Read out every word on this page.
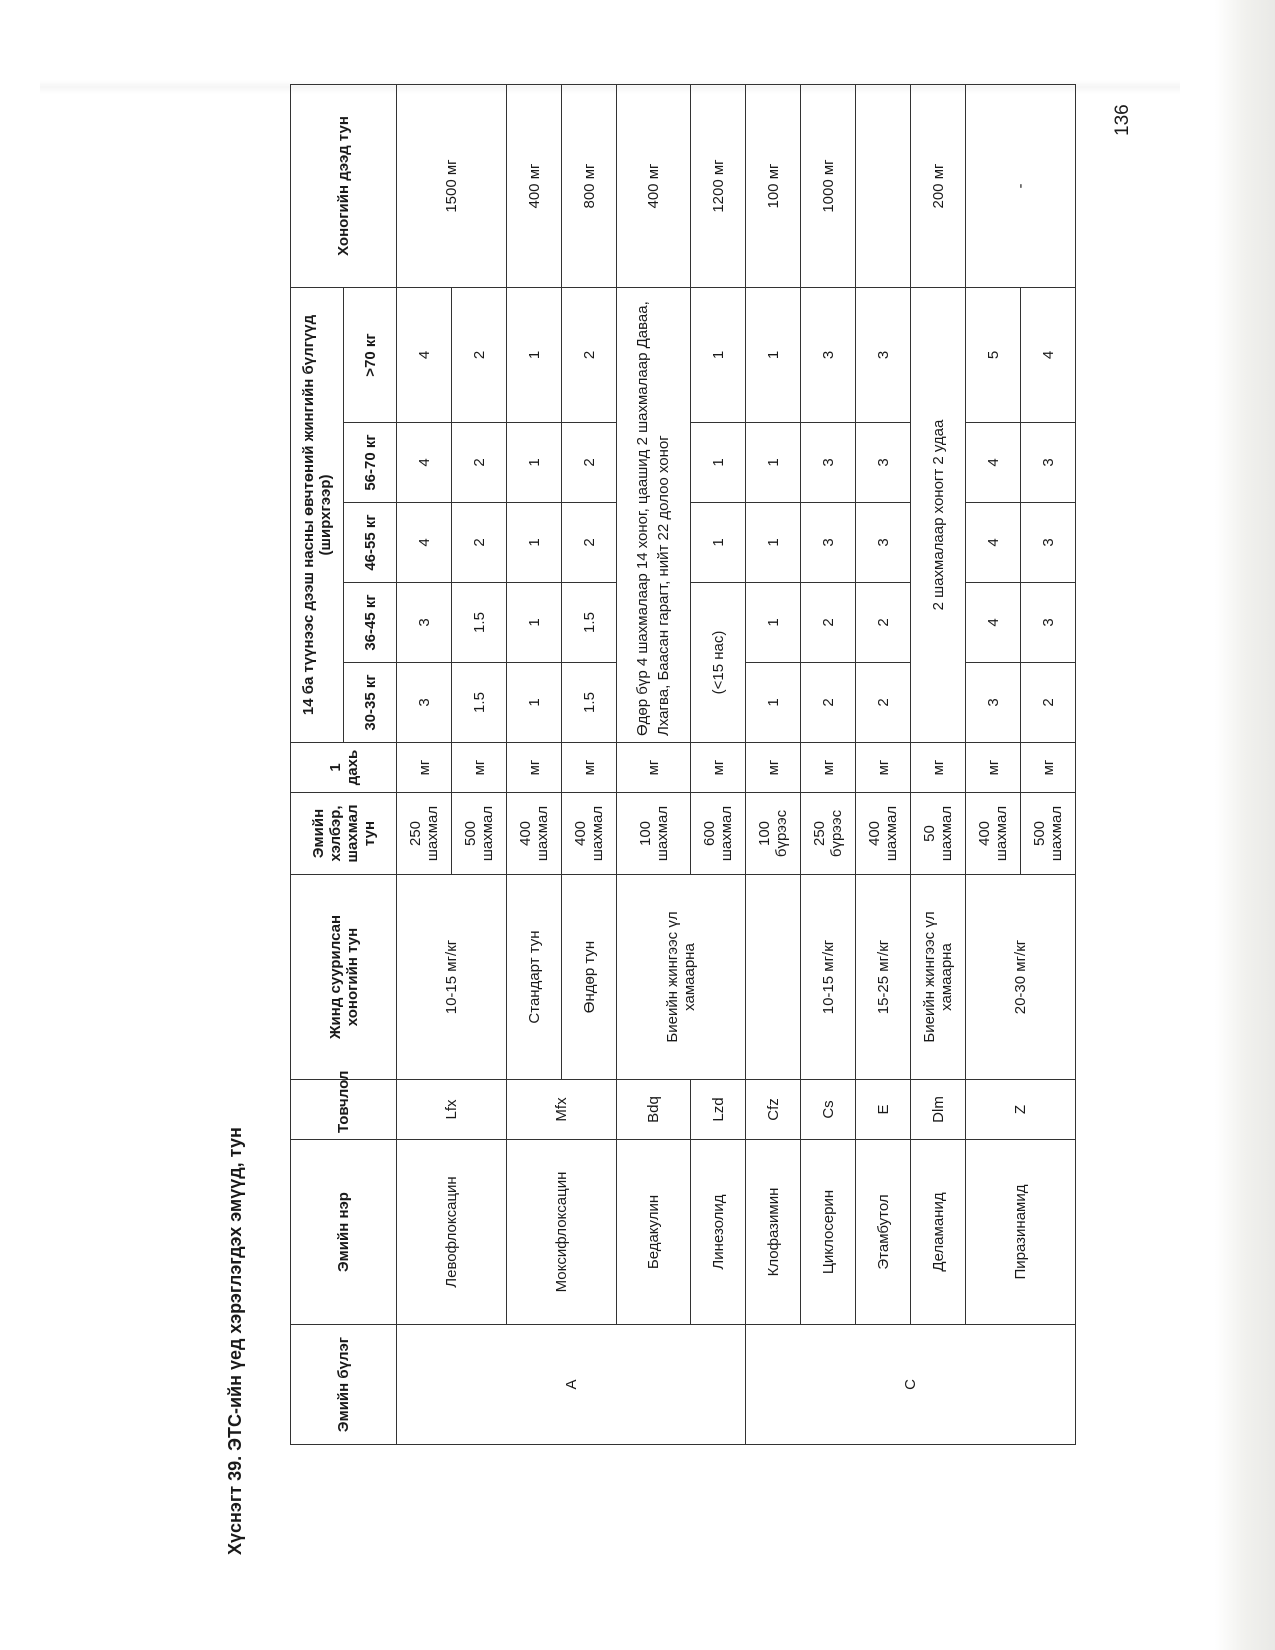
136
Хүснэгт 39. ЭТС-ийн үед хэрэглэгдэх эмүүд, тун	Эмийн бүлэг	Эмийн нэр	Товчлол	Жинд суурилсан хоногийн тун	Эмийн хэлбэр, шахмал тун	1 дахь	14 ба түүнээс дээш насны өвчтөний жингийн бүлгүүд (ширхгээр)					Хоногийн дээд тун
						30-35 кг	36-45 кг	46-55 кг	56-70 кг	>70 кг	
A	Левофлоксацин	Lfx	10-15 мг/кг	250 шахмал	мг	3	3	4	4	4	1500 мг
				500 шахмал	мг	1.5	1.5	2	2	2	
	Моксифлоксацин	Mfx	Стандарт тун	400 шахмал	мг	1	1	1	1	1	400 мг
			Өндөр тун	400 шахмал	мг	1.5	1.5	2	2	2	800 мг
	Бедакулин	Bdq	Биеийн жингээс үл хамаарна	100 шахмал	мг	Өдөр бүр 4 шахмалаар 14 хоног, цаашид 2 шахмалаар Даваа, Лхагва, Баасан гарагт, нийт 22 долоо хоног					400 мг
	Линезолид	Lzd		600 шахмал	мг	(<15 нас)		1	1	1	1200 мг
C	Клофазимин	Cfz		100 бүрээс	мг	1	1	1	1	1	100 мг
	Циклосерин	Cs	10-15 мг/кг	250 бүрээс	мг	2	2	3	3	3	1000 мг
	Этамбутол	E	15-25 мг/кг	400 шахмал	мг	2	2	3	3	3	
	Деламанид	Dlm	Биеийн жингээс үл хамаарна	50 шахмал	мг	2 шахмалаар хоногт 2 удаа					200 мг
	Пиразинамид	Z	20-30 мг/кг	400 шахмал	мг	3	4	4	4	5	-
				500 шахмал	мг	2	3	3	3	4	
